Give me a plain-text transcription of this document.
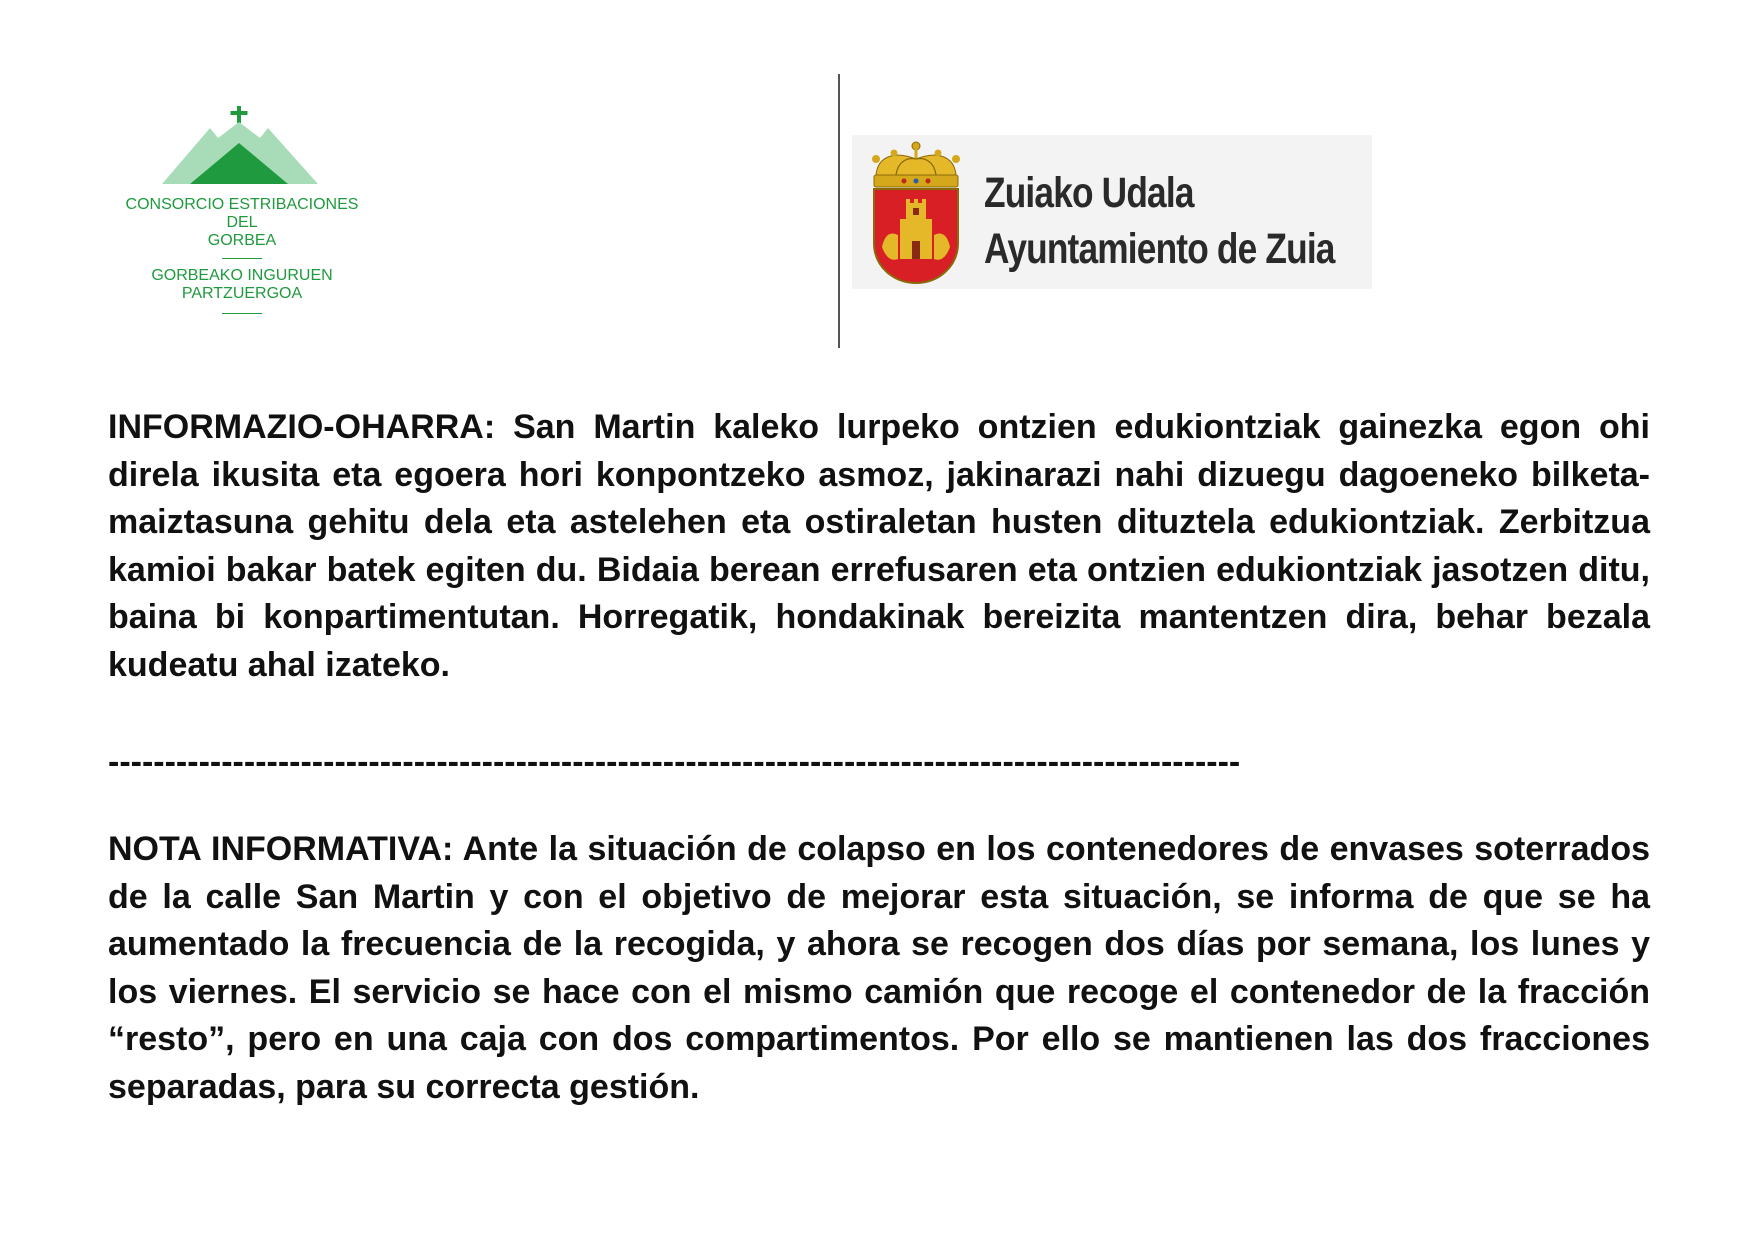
CONSORCIO ESTRIBACIONES
DEL
GORBEA
GORBEAKO INGURUEN
PARTZUERGOA
Zuiako Udala
Ayuntamiento de Zuia
INFORMAZIO-OHARRA: San Martin kaleko lurpeko ontzien edukiontziak gainezka egon ohi direla ikusita eta egoera hori konpontzeko asmoz, jakinarazi nahi dizuegu dagoeneko bilketa-maiztasuna gehitu dela eta astelehen eta ostiraletan husten dituztela edukiontziak. Zerbitzua kamioi bakar batek egiten du. Bidaia berean errefusaren eta ontzien edukiontziak jasotzen ditu, baina bi konpartimentutan. Horregatik, hondakinak bereizita mantentzen dira, behar bezala kudeatu ahal izateko.
----------------------------------------------------------------------------------------------------
NOTA INFORMATIVA: Ante la situación de colapso en los contenedores de envases soterrados de la calle San Martin y con el objetivo de mejorar esta situación, se informa de que se ha aumentado la frecuencia de la recogida, y ahora se recogen dos días por semana, los lunes y los viernes. El servicio se hace con el mismo camión que recoge el contenedor de la fracción “resto”, pero en una caja con dos compartimentos. Por ello se mantienen las dos fracciones separadas, para su correcta gestión.
